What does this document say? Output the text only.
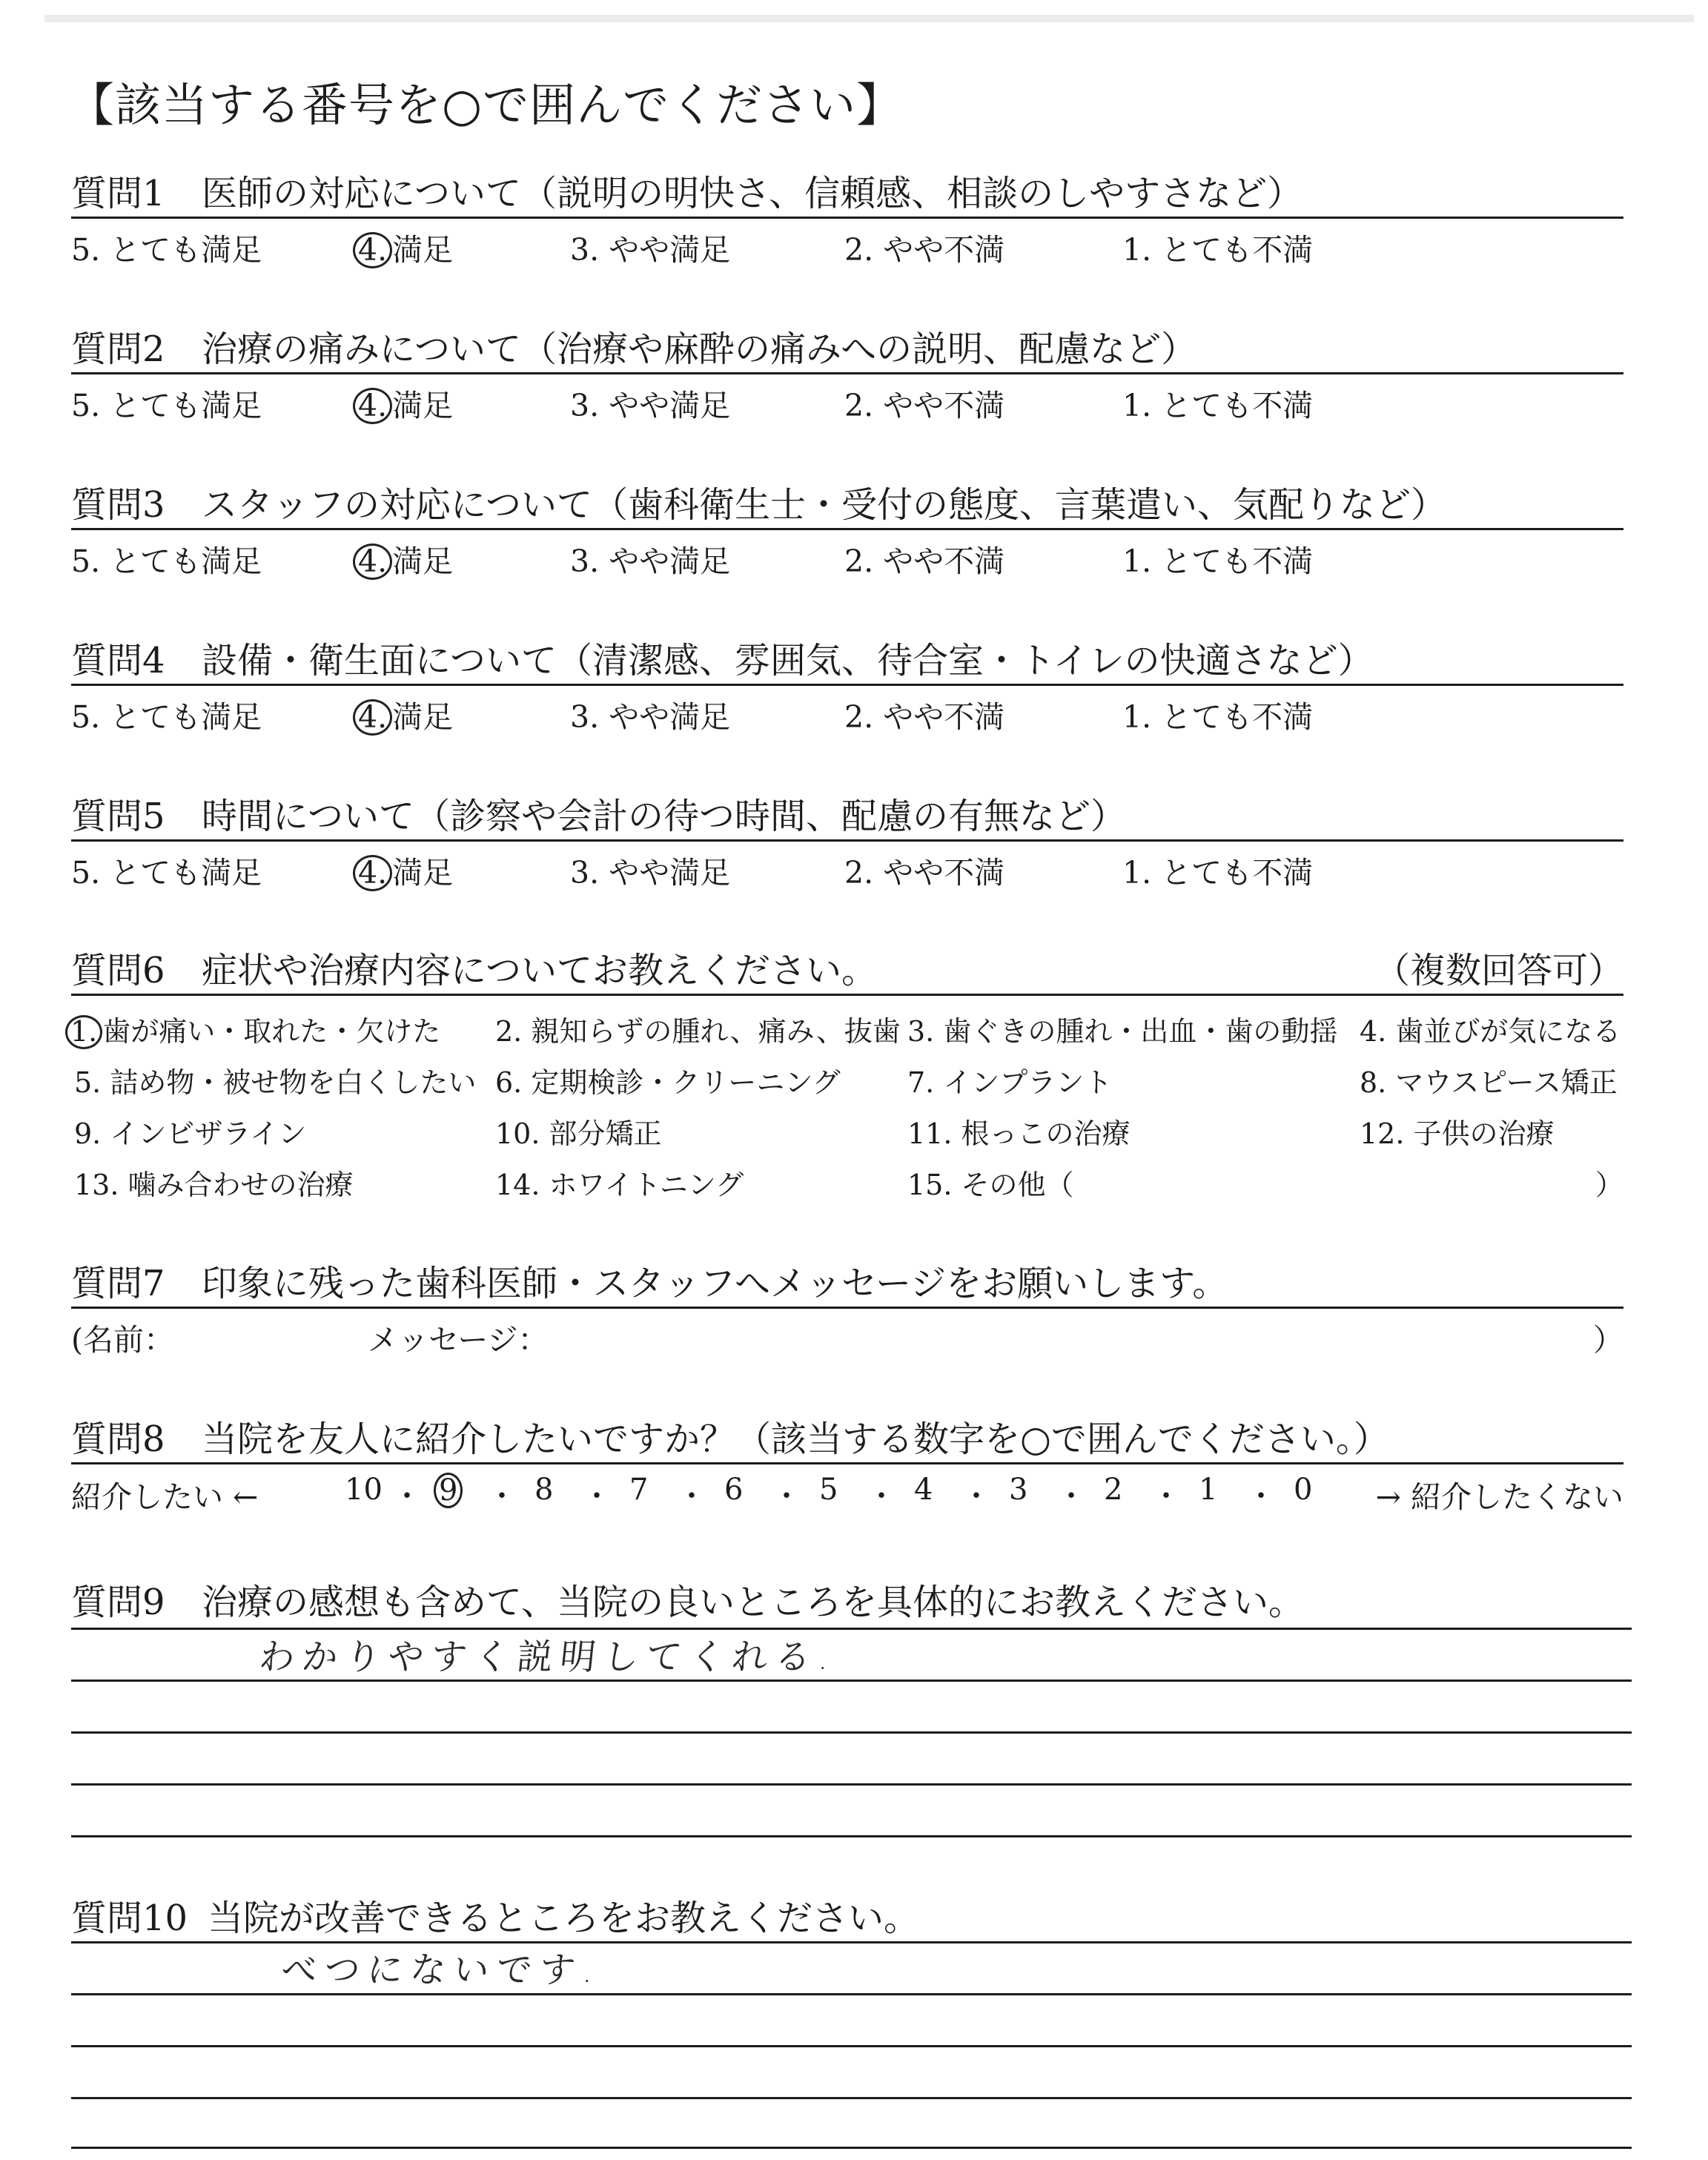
【該当する番号を○で囲んでください】
質問1 医師の対応について（説明の明快さ、信頼感、相談のしやすさなど）
5. とても満足	4. 満足	3. やや満足	2. やや不満	1. とても不満
質問2 治療の痛みについて（治療や麻酔の痛みへの説明、配慮など）
5. とても満足	4. 満足	3. やや満足	2. やや不満	1. とても不満
質問3 スタッフの対応について（歯科衛生士・受付の態度、言葉遣い、気配りなど）
5. とても満足	4. 満足	3. やや満足	2. やや不満	1. とても不満
質問4 設備・衛生面について（清潔感、雰囲気、待合室・トイレの快適さなど）
5. とても満足	4. 満足	3. やや満足	2. やや不満	1. とても不満
質問5 時間について（診察や会計の待つ時間、配慮の有無など）
5. とても満足	4. 満足	3. やや満足	2. やや不満	1. とても不満
質問6 症状や治療内容についてお教えください。	（複数回答可）
1. 歯が痛い・取れた・欠けた 2. 親知らずの腫れ、痛み、抜歯 3. 歯ぐきの腫れ・出血・歯の動揺 4. 歯並びが気になる
5. 詰め物・被せ物を白くしたい 6. 定期検診・クリーニング 7. インプラント	8. マウスピース矯正
9. インビザライン	10. 部分矯正	11. 根っこの治療	12. 子供の治療
13. 噛み合わせの治療	14. ホワイトニング	15. その他（	）
質問7 印象に残った歯科医師・スタッフへメッセージをお願いします。
(名前：	メッセージ：	）
質問8 当院を友人に紹介したいですか？（該当する数字を○で囲んでください。）
紹介したい ←	→ 紹介したくない
10 ・ 9 ・ 8 ・ 7 ・ 6 ・ 5 ・ 4 ・ 3 ・ 2 ・ 1 ・ 0
質問9 治療の感想も含めて、当院の良いところを具体的にお教えください。
わかりやすく説明してくれる.
質問10 当院が改善できるところをお教えください。
べつにないです.
